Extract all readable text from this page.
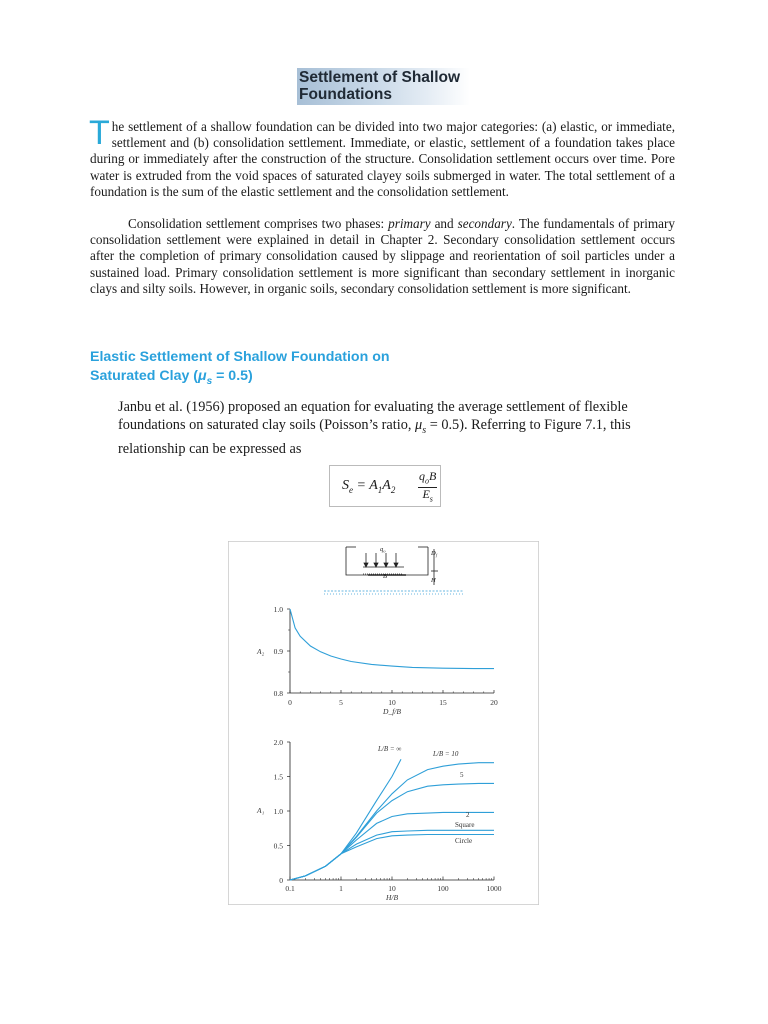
Settlement of Shallow
Foundations

The settlement of a shallow foundation can be divided into two major categories: (a) elastic, or immediate, settlement and (b) consolidation settlement. Immediate, or elastic, settlement of a foundation takes place during or immediately after the construction of the structure. Consolidation settlement occurs over time. Pore water is extruded from the void spaces of saturated clayey soils submerged in water. The total settlement of a foundation is the sum of the elastic settlement and the consolidation settlement.

Consolidation settlement comprises two phases: primary and secondary. The fundamentals of primary consolidation settlement were explained in detail in Chapter 2. Secondary consolidation settlement occurs after the completion of primary consolidation caused by slippage and reorientation of soil particles under a sustained load. Primary consolidation settlement is more significant than secondary settlement in inorganic clays and silty soils. However, in organic soils, secondary consolidation settlement is more significant.

Elastic Settlement of Shallow Foundation on
Saturated Clay $(\mu_s = 0.5)$

Janbu et al. (1956) proposed an equation for evaluating the average settlement of flexible foundations on saturated clay soils (Poisson’s ratio, $\mu_s = 0.5$). Referring to Figure 7.1, this relationship can be expressed as

$S_e = A_1A_2$
$q_oB$
$E_s$
$q_o$
B
$D_f$
H
0	5	10	15	20
0.8
0.9
1.0
A₂
D_f/B
0.1	1	10	100	1000
0
0.5
1.0
1.5
2.0
A₁
H/B
L/B = ∞
L/B = 10
5
2
Square
Circle
